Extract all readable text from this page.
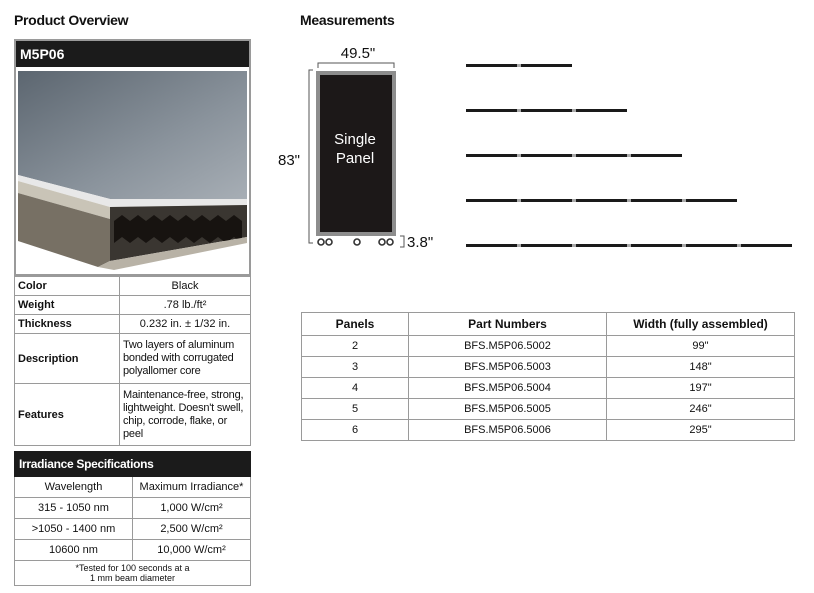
Product Overview	Measurements
M5P06
Color	Black
Weight	.78 lb./ft²
Thickness	0.232 in. ± 1/32 in.
Description	Two layers of aluminum bonded with corrugated polyallomer core
Features	Maintenance-free, strong, lightweight. Doesn't swell, chip, corrode, flake, or peel
Irradiance Specifications	
Wavelength	Maximum Irradiance*
315 - 1050 nm	1,000 W/cm²
>1050 - 1400 nm	2,500 W/cm²
10600 nm	10,000 W/cm²

*Tested for 100 seconds at a
1 mm beam diameter	
49.5"
83"
Single
Panel
3.8"
Panels	Part Numbers	Width (fully assembled)
2	BFS.M5P06.5002	99"
3	BFS.M5P06.5003	148"
4	BFS.M5P06.5004	197"
5	BFS.M5P06.5005	246"
6	BFS.M5P06.5006	295"
